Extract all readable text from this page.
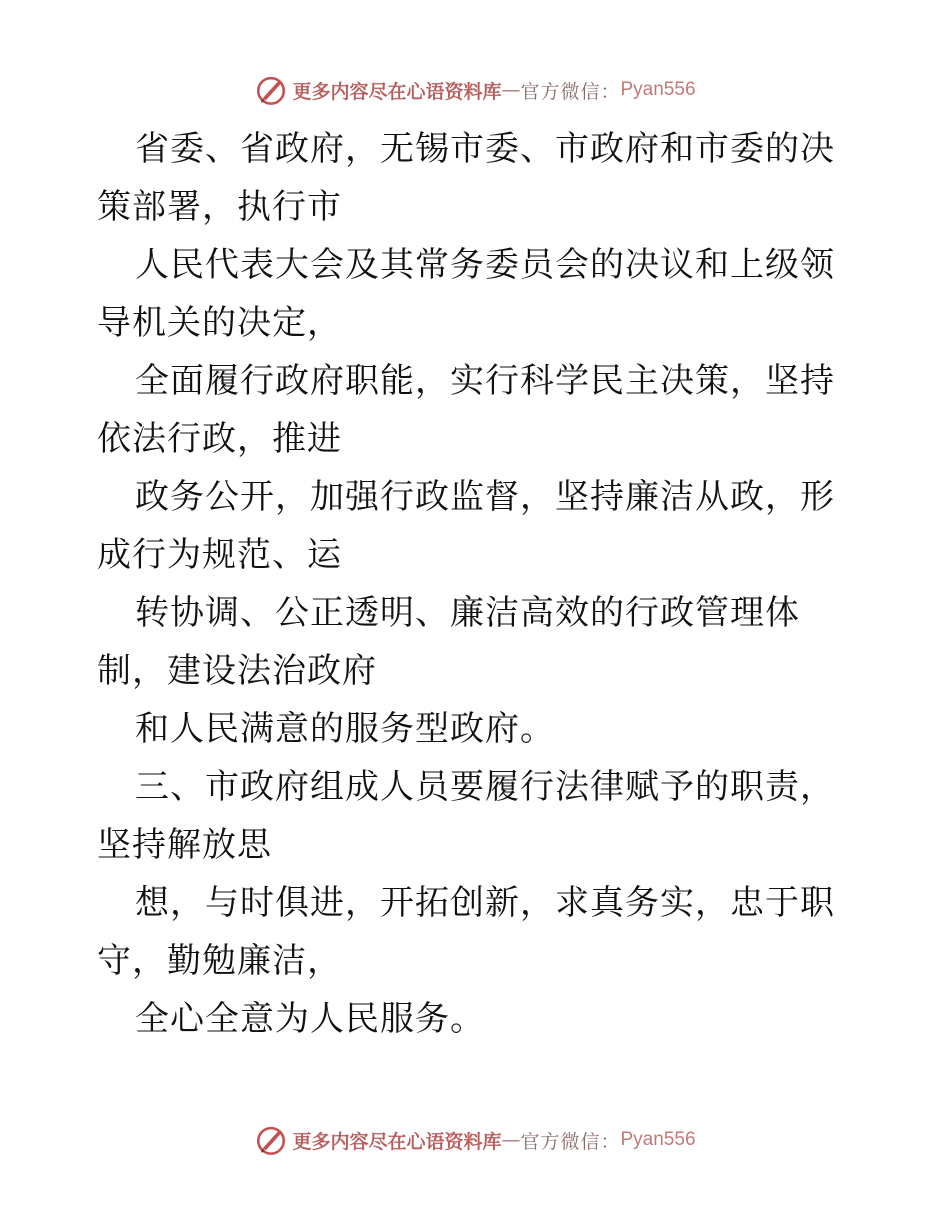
更多内容尽在心语资料库 — 官方微信： Pyan556

省委、省政府，无锡市委、市政府和市委的决策部署，执行市

人民代表大会及其常务委员会的决议和上级领导机关的决定，

全面履行政府职能，实行科学民主决策，坚持依法行政，推进

政务公开，加强行政监督，坚持廉洁从政，形成行为规范、运

转协调、公正透明、廉洁高效的行政管理体制，建设法治政府

和人民满意的服务型政府。

三、市政府组成人员要履行法律赋予的职责，坚持解放思

想，与时俱进，开拓创新，求真务实，忠于职守，勤勉廉洁，

全心全意为人民服务。

更多内容尽在心语资料库 — 官方微信： Pyan556
